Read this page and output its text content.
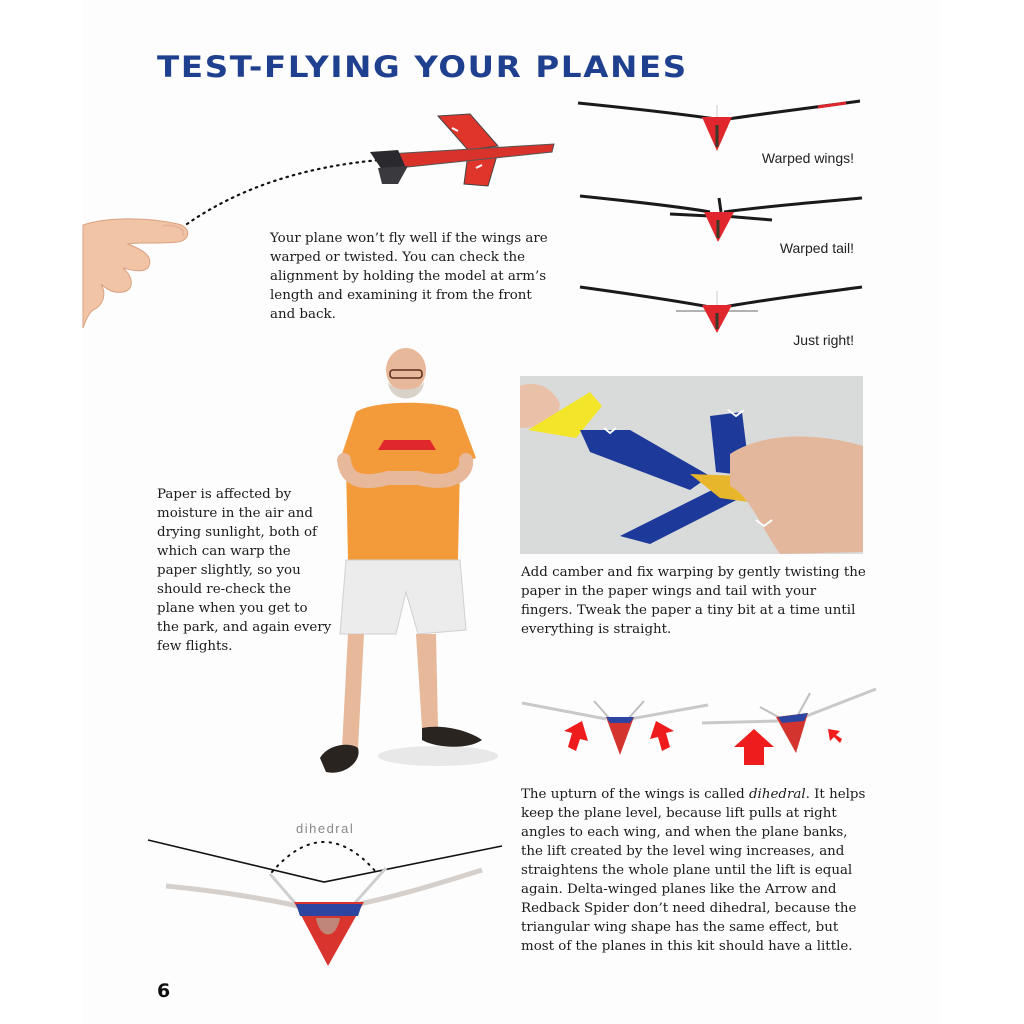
TEST-FLYING YOUR PLANES
Your plane won’t fly well if the wings are warped or twisted. You can check the alignment by holding the model at arm’s length and examining it from the front and back.
Warped wings!
Warped tail!
Just right!
Paper is affected by moisture in the air and drying sunlight, both of which can warp the paper slightly, so you should re-check the plane when you get to the park, and again every few flights.
Add camber and fix warping by gently twisting the paper in the paper wings and tail with your fingers. Tweak the paper a tiny bit at a time until everything is straight.
dihedral
The upturn of the wings is called dihedral. It helps keep the plane level, because lift pulls at right angles to each wing, and when the plane banks, the lift created by the level wing increases, and straightens the whole plane until the lift is equal again. Delta-winged planes like the Arrow and Redback Spider don’t need dihedral, because the triangular wing shape has the same effect, but most of the planes in this kit should have a little.
6
